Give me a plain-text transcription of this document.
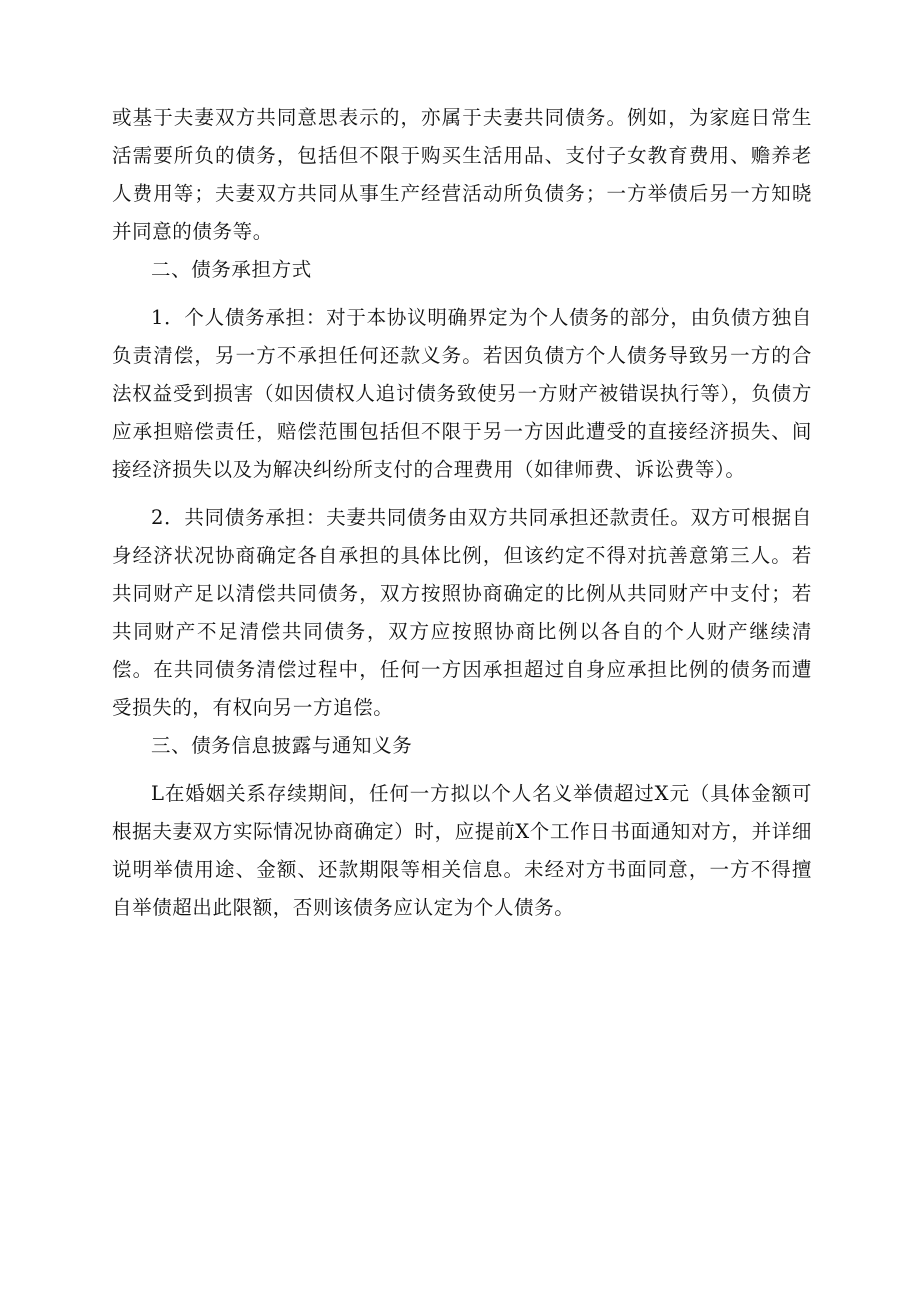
或基于夫妻双方共同意思表示的，亦属于夫妻共同债务。例如，为家庭日常生活需要所负的债务，包括但不限于购买生活用品、支付子女教育费用、赡养老人费用等；夫妻双方共同从事生产经营活动所负债务；一方举债后另一方知晓并同意的债务等。

二、债务承担方式

1．个人债务承担：对于本协议明确界定为个人债务的部分，由负债方独自负责清偿，另一方不承担任何还款义务。若因负债方个人债务导致另一方的合法权益受到损害（如因债权人追讨债务致使另一方财产被错误执行等），负债方应承担赔偿责任，赔偿范围包括但不限于另一方因此遭受的直接经济损失、间接经济损失以及为解决纠纷所支付的合理费用（如律师费、诉讼费等）。

2．共同债务承担：夫妻共同债务由双方共同承担还款责任。双方可根据自身经济状况协商确定各自承担的具体比例，但该约定不得对抗善意第三人。若共同财产足以清偿共同债务，双方按照协商确定的比例从共同财产中支付；若共同财产不足清偿共同债务，双方应按照协商比例以各自的个人财产继续清偿。在共同债务清偿过程中，任何一方因承担超过自身应承担比例的债务而遭受损失的，有权向另一方追偿。

三、债务信息披露与通知义务

L在婚姻关系存续期间，任何一方拟以个人名义举债超过X元（具体金额可根据夫妻双方实际情况协商确定）时，应提前X个工作日书面通知对方，并详细说明举债用途、金额、还款期限等相关信息。未经对方书面同意，一方不得擅自举债超出此限额，否则该债务应认定为个人债务。
